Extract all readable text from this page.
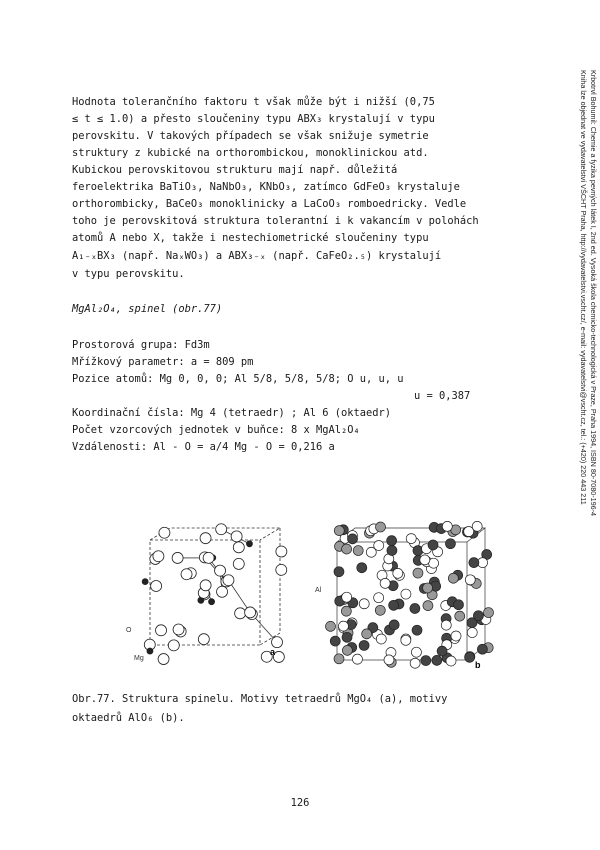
Krbotrvl Bohumil: Chemie a fyzika pevných látek I, 2nd ed. Vysoká škola chemicko-technologická v Praze, Praha 1994, ISBN 80-7080-196-4
Kniha lze objednat ve vydavatelství VŠCHT Praha, http://vydavatelstvi.vscht.cz/, e-mail: vydavatelstvi@vscht.cz, tel.: (+420) 220 443 211
Hodnota tolerančního faktoru t však může být i nižší (0,75
≤ t ≤ 1.0) a přesto sloučeniny typu ABX₃ krystalují v typu
perovskitu. V takových případech se však snižuje symetrie
struktury z kubické na orthorombickou, monoklinickou atd.
Kubickou perovskitovou strukturu mají např. důležitá
feroelektrika BaTiO₃, NaNbO₃, KNbO₃, zatímco GdFeO₃ krystaluje
orthorombicky, BaCeO₃ monoklinicky a LaCoO₃ romboedricky. Vedle
toho je perovskitová struktura tolerantní i k vakancím v polohách
atomů A nebo X, takže i nestechiometrické sloučeniny typu
A₁₋ₓBX₃ (např. NaₓWO₃) a ABX₃₋ₓ (např. CaFeO₂.₅) krystalují
v typu perovskitu.
MgAl₂O₄, spinel (obr.77)
Prostorová grupa: Fd3m
Mřížkový parametr: a = 809 pm
Pozice atomů: Mg 0, 0, 0; Al 5/8, 5/8, 5/8; O u, u, u
u = 0,387
Koordinační čísla: Mg 4 (tetraedr) ; Al 6 (oktaedr)
Počet vzorcových jednotek v buňce: 8 x MgAl₂O₄
Vzdálenosti: Al - O = a/4 Mg - O = 0,216 a
O
Mg
a
Al
b
Obr.77. Struktura spinelu. Motivy tetraedrů MgO₄ (a), motivy
oktaedrů AlO₆ (b).
126
